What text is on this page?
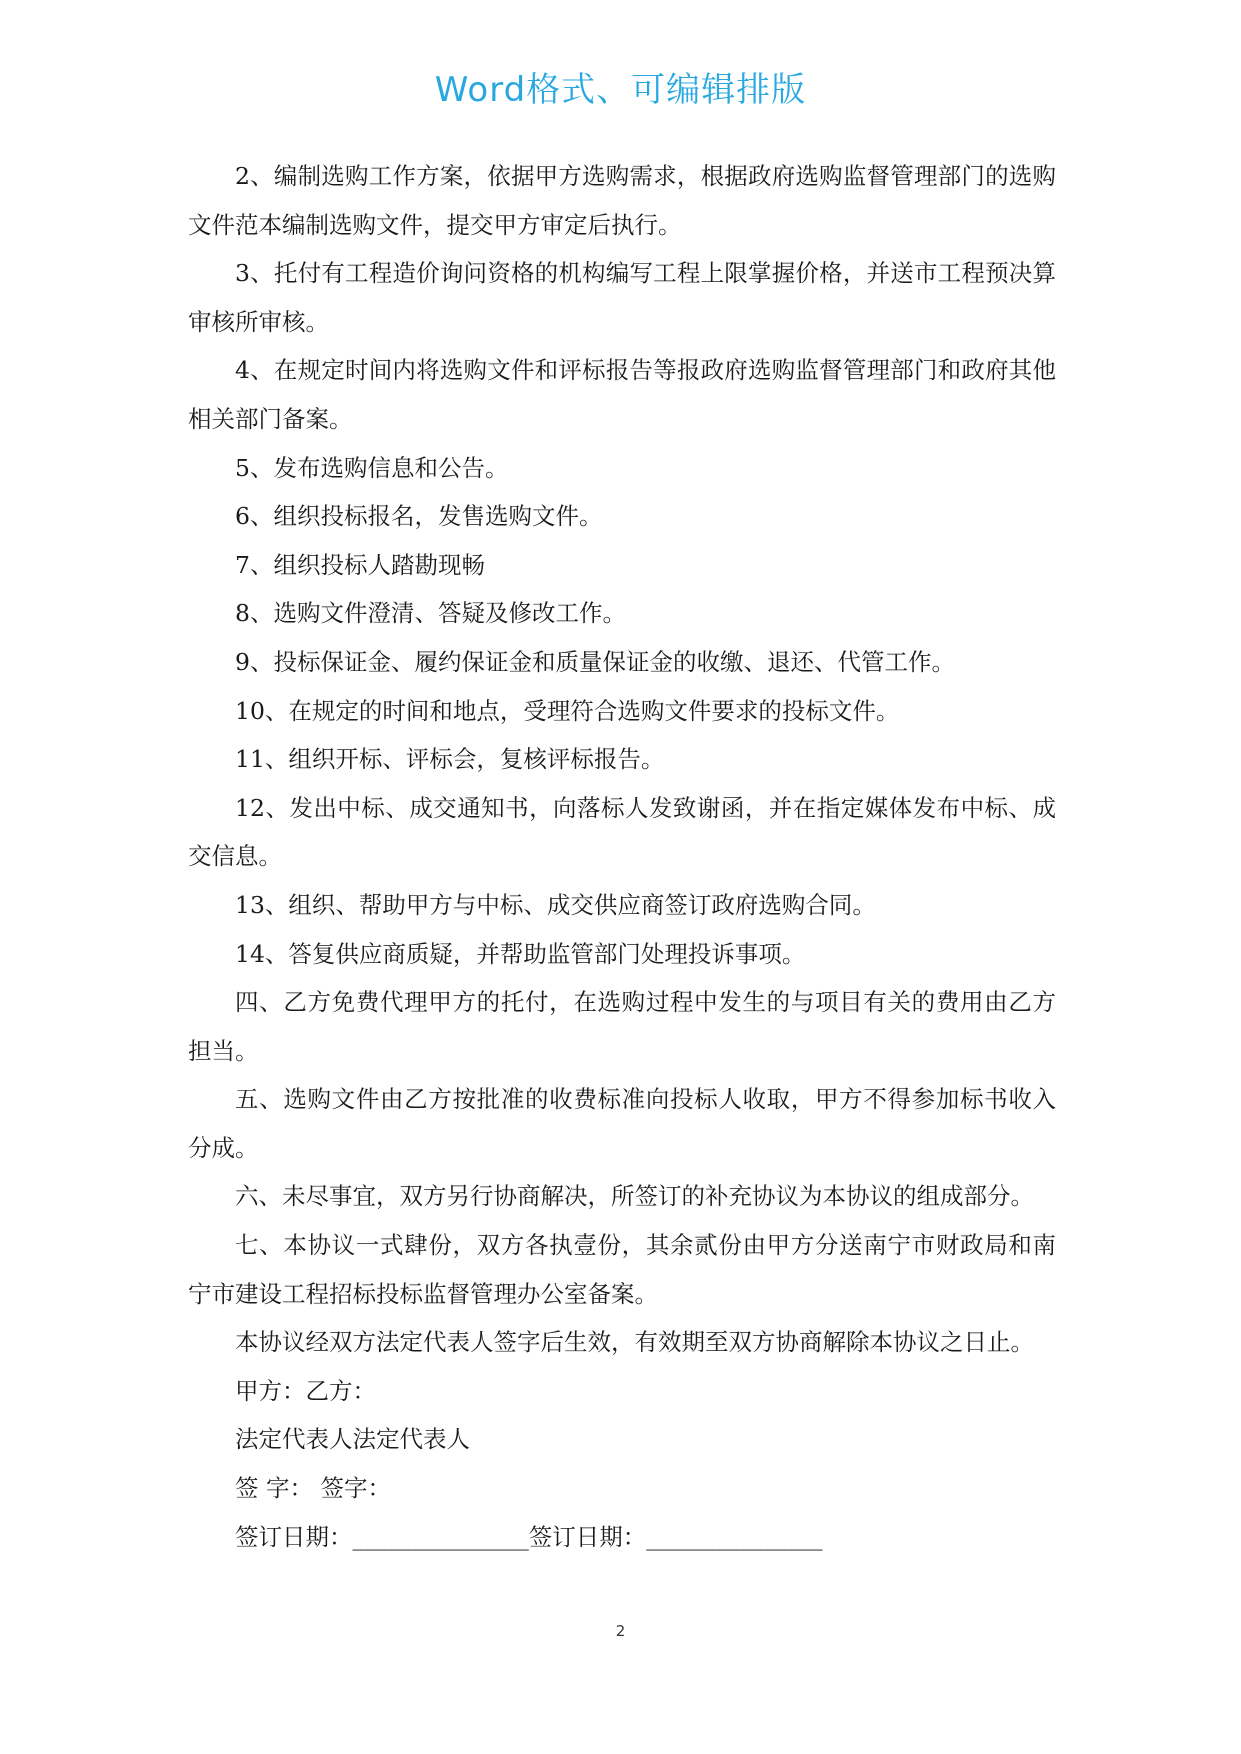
Word格式、可编辑排版

2、编制选购工作方案，依据甲方选购需求，根据政府选购监督管理部门的选购文件范本编制选购文件，提交甲方审定后执行。

3、托付有工程造价询问资格的机构编写工程上限掌握价格，并送市工程预决算审核所审核。

4、在规定时间内将选购文件和评标报告等报政府选购监督管理部门和政府其他相关部门备案。

5、发布选购信息和公告。

6、组织投标报名，发售选购文件。

7、组织投标人踏勘现畅

8、选购文件澄清、答疑及修改工作。

9、投标保证金、履约保证金和质量保证金的收缴、退还、代管工作。

10、在规定的时间和地点，受理符合选购文件要求的投标文件。

11、组织开标、评标会，复核评标报告。

12、发出中标、成交通知书，向落标人发致谢函，并在指定媒体发布中标、成交信息。

13、组织、帮助甲方与中标、成交供应商签订政府选购合同。

14、答复供应商质疑，并帮助监管部门处理投诉事项。

四、乙方免费代理甲方的托付，在选购过程中发生的与项目有关的费用由乙方担当。

五、选购文件由乙方按批准的收费标准向投标人收取，甲方不得参加标书收入分成。

六、未尽事宜，双方另行协商解决，所签订的补充协议为本协议的组成部分。

七、本协议一式肆份，双方各执壹份，其余贰份由甲方分送南宁市财政局和南宁市建设工程招标投标监督管理办公室备案。

本协议经双方法定代表人签字后生效，有效期至双方协商解除本协议之日止。

甲方：乙方：

法定代表人法定代表人

签 字： 签字：

签订日期：_______________签订日期：_______________

2
